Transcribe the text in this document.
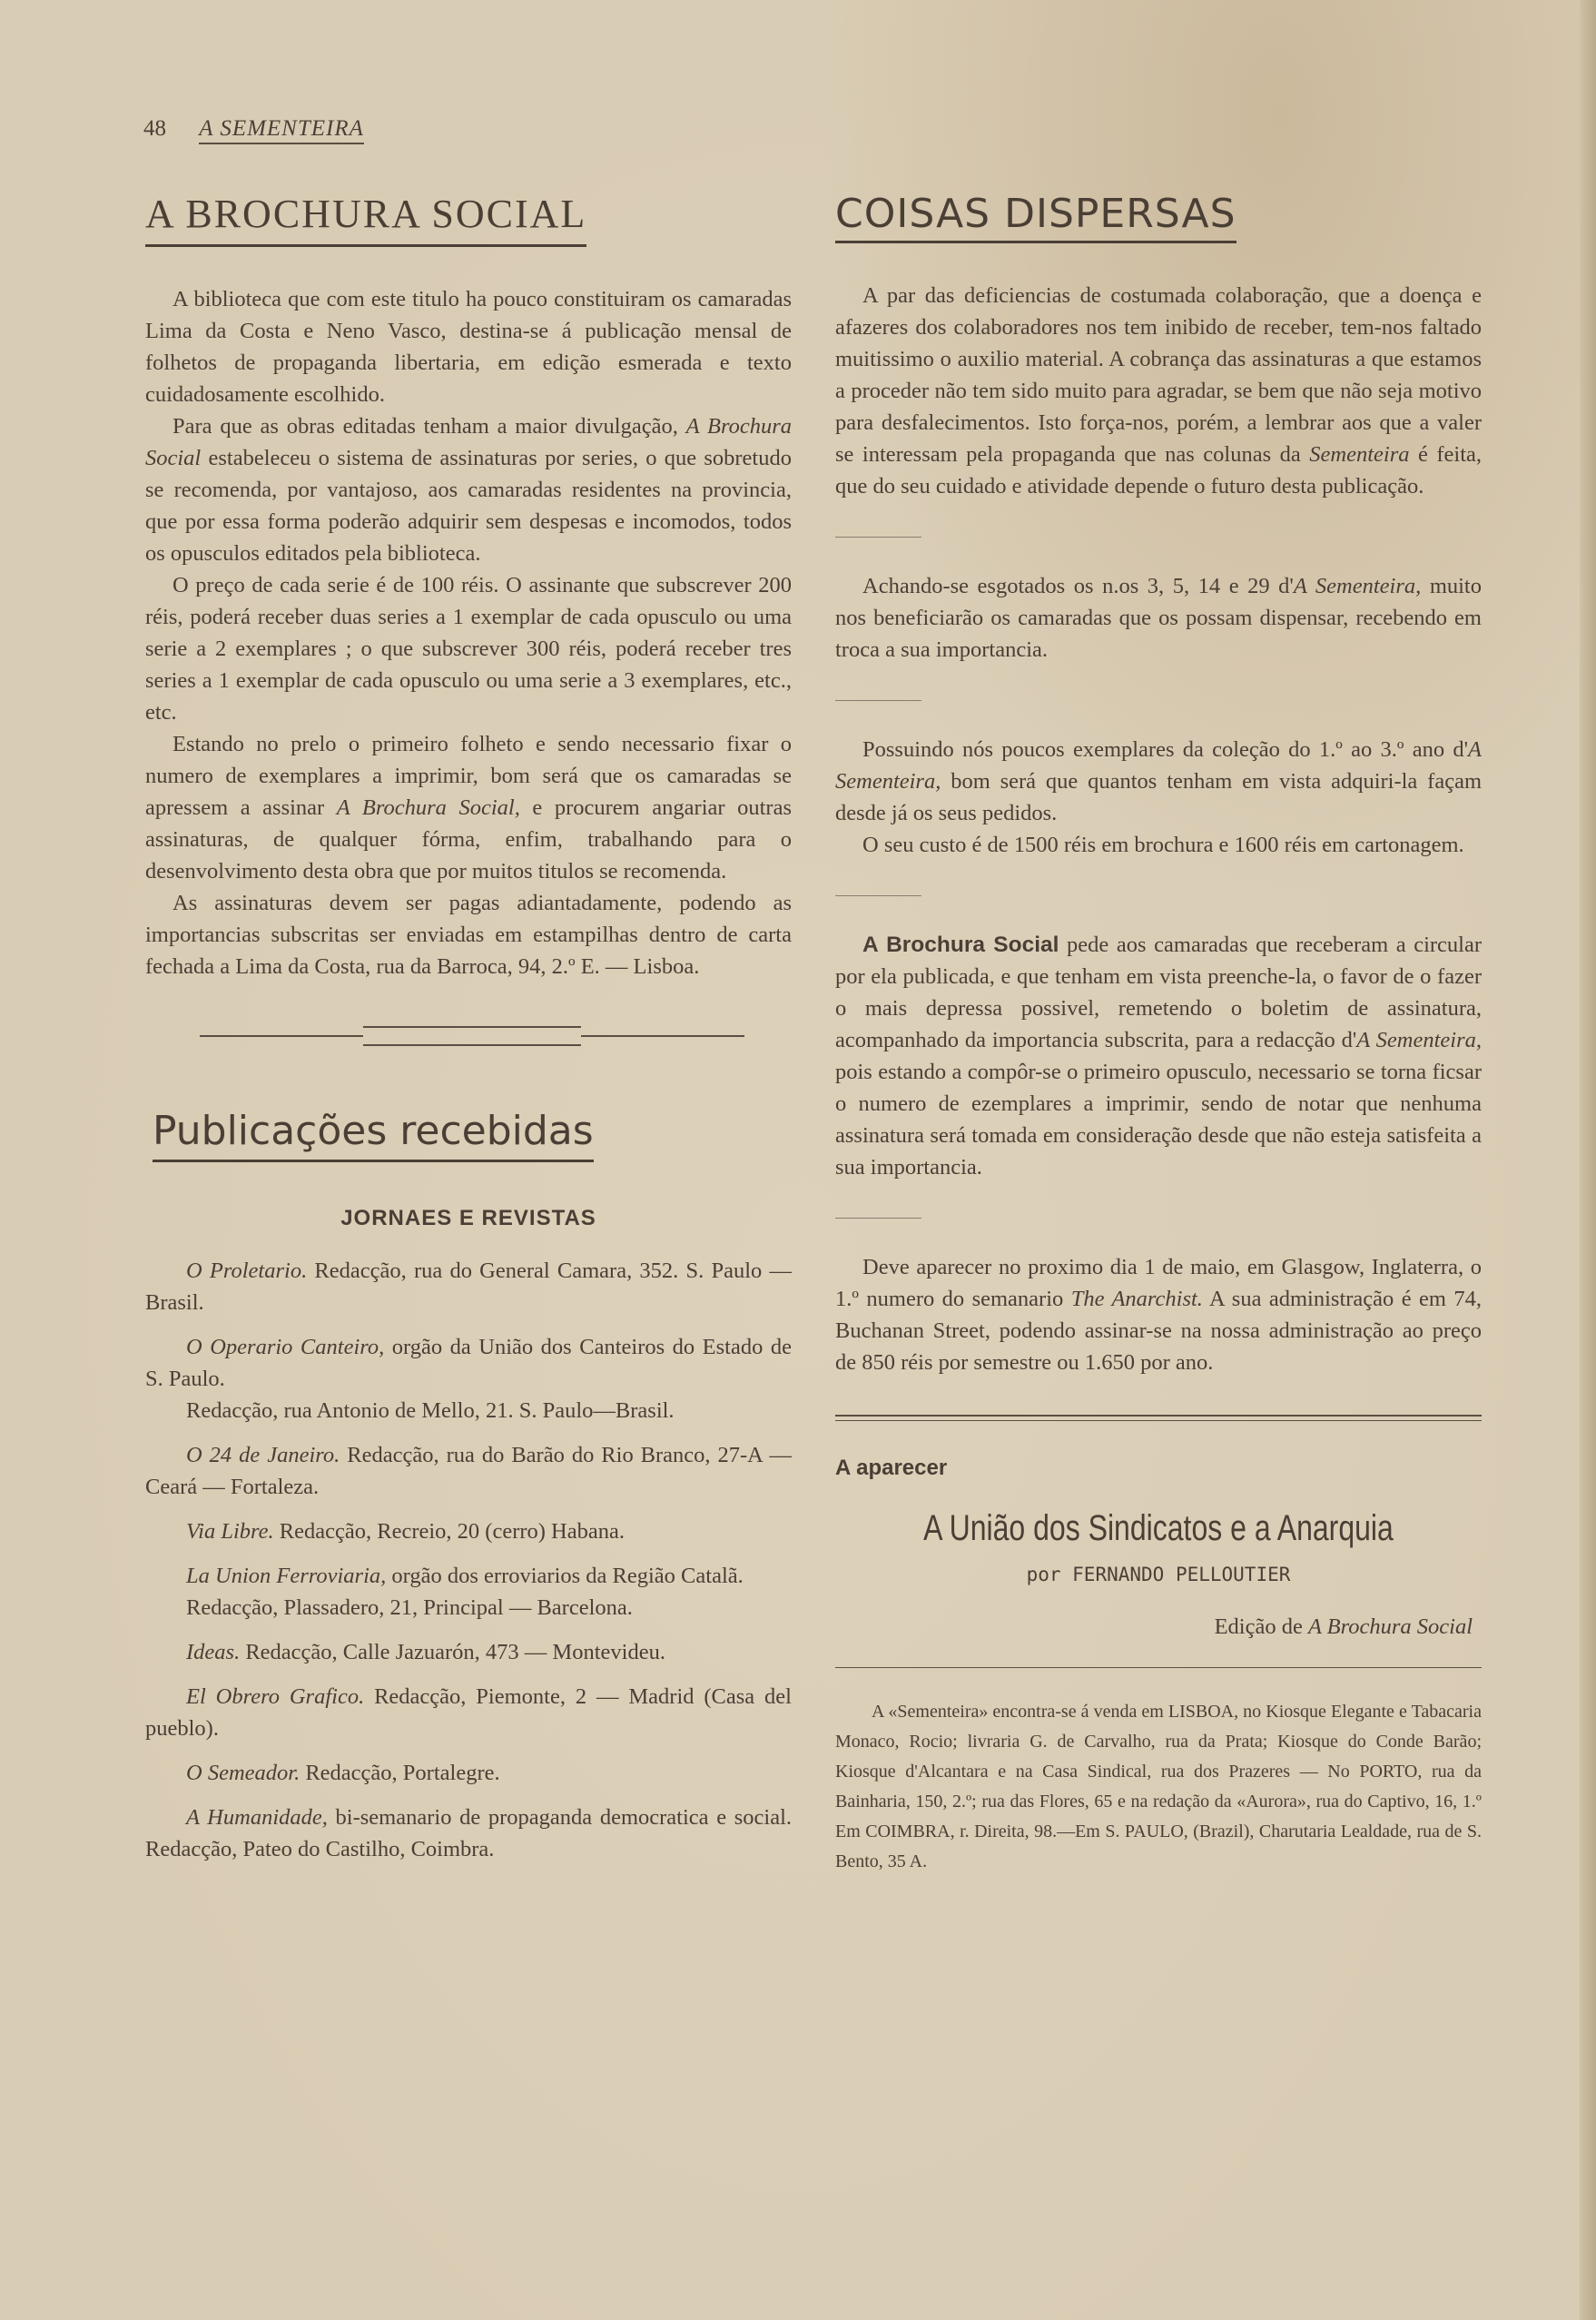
48 A SEMENTEIRA
A BROCHURA SOCIAL

A biblioteca que com este titulo ha pouco constituiram os camaradas Lima da Costa e Neno Vasco, destina-se á publicação mensal de folhetos de propaganda libertaria, em edição esmerada e texto cuidadosamente escolhido.

Para que as obras editadas tenham a maior divulgação, A Brochura Social estabeleceu o sistema de assinaturas por series, o que sobretudo se recomenda, por vantajoso, aos camaradas residentes na provincia, que por essa forma poderão adquirir sem despesas e incomodos, todos os opusculos editados pela biblioteca.

O preço de cada serie é de 100 réis. O assinante que subscrever 200 réis, poderá receber duas series a 1 exemplar de cada opusculo ou uma serie a 2 exemplares ; o que subscrever 300 réis, poderá receber tres series a 1 exemplar de cada opusculo ou uma serie a 3 exemplares, etc., etc.

Estando no prelo o primeiro folheto e sendo necessario fixar o numero de exemplares a imprimir, bom será que os camaradas se apressem a assinar A Brochura Social, e procurem angariar outras assinaturas, de qualquer fórma, enfim, trabalhando para o desenvolvimento desta obra que por muitos titulos se recomenda.

As assinaturas devem ser pagas adiantadamente, podendo as importancias subscritas ser enviadas em estampilhas dentro de carta fechada a Lima da Costa, rua da Barroca, 94, 2.º E. — Lisboa.

Publicações recebidas
JORNAES E REVISTAS

O Proletario. Redacção, rua do General Camara, 352. S. Paulo — Brasil.

O Operario Canteiro, orgão da União dos Canteiros do Estado de S. Paulo.

Redacção, rua Antonio de Mello, 21. S. Paulo—Brasil.

O 24 de Janeiro. Redacção, rua do Barão do Rio Branco, 27-A — Ceará — Fortaleza.

Via Libre. Redacção, Recreio, 20 (cerro) Habana.

La Union Ferroviaria, orgão dos erroviarios da Região Catalã.

Redacção, Plassadero, 21, Principal — Barcelona.

Ideas. Redacção, Calle Jazuarón, 473 — Montevideu.

El Obrero Grafico. Redacção, Piemonte, 2 — Madrid (Casa del pueblo).

O Semeador. Redacção, Portalegre.

A Humanidade, bi-semanario de propaganda democratica e social. Redacção, Pateo do Castilho, Coimbra.

COISAS DISPERSAS

A par das deficiencias de costumada colaboração, que a doença e afazeres dos colaboradores nos tem inibido de receber, tem-nos faltado muitissimo o auxilio material. A cobrança das assinaturas a que estamos a proceder não tem sido muito para agradar, se bem que não seja motivo para desfalecimentos. Isto força-nos, porém, a lembrar aos que a valer se interessam pela propaganda que nas colunas da Sementeira é feita, que do seu cuidado e atividade depende o futuro desta publicação.

Achando-se esgotados os n.os 3, 5, 14 e 29 d'A Sementeira, muito nos beneficiarão os camaradas que os possam dispensar, recebendo em troca a sua importancia.

Possuindo nós poucos exemplares da coleção do 1.º ao 3.º ano d'A Sementeira, bom será que quantos tenham em vista adquiri-la façam desde já os seus pedidos.

O seu custo é de 1500 réis em brochura e 1600 réis em cartonagem.

A Brochura Social pede aos camaradas que receberam a circular por ela publicada, e que tenham em vista preenche-la, o favor de o fazer o mais depressa possivel, remetendo o boletim de assinatura, acompanhado da importancia subscrita, para a redacção d'A Sementeira, pois estando a compôr-se o primeiro opusculo, necessario se torna ficsar o numero de ezemplares a imprimir, sendo de notar que nenhuma assinatura será tomada em consideração desde que não esteja satisfeita a sua importancia.

Deve aparecer no proximo dia 1 de maio, em Glasgow, Inglaterra, o 1.º numero do semanario The Anarchist. A sua administração é em 74, Buchanan Street, podendo assinar-se na nossa administração ao preço de 850 réis por semestre ou 1.650 por ano.

A aparecer
A União dos Sindicatos e a Anarquia
por FERNANDO PELLOUTIER
Edição de A Brochura Social

A «Sementeira» encontra-se á venda em LISBOA, no Kiosque Elegante e Tabacaria Monaco, Rocio; livraria G. de Carvalho, rua da Prata; Kiosque do Conde Barão; Kiosque d'Alcantara e na Casa Sindical, rua dos Prazeres — No PORTO, rua da Bainharia, 150, 2.º; rua das Flores, 65 e na redação da «Aurora», rua do Captivo, 16, 1.º Em COIMBRA, r. Direita, 98.—Em S. PAULO, (Brazil), Charutaria Lealdade, rua de S. Bento, 35 A.
